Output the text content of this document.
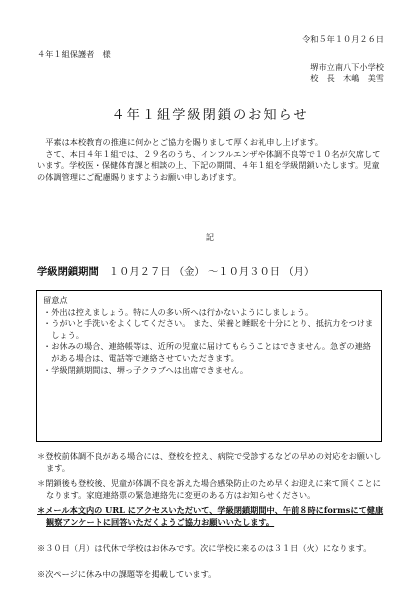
令和５年１０月２６日
４年１組保護者　様
堺市立南八下小学校
校　長　木嶋　美雪
４年１組学級閉鎖のお知らせ

平素は本校教育の推進に何かとご協力を賜りまして厚くお礼申し上げます。

さて、本日４年１組では、２９名のうち、インフルエンザや体調不良等で１０名が欠席しています。学校医・保健体育課と相談の上、下記の期間、４年１組を学級閉鎖いたします。児童の体調管理にご配慮賜りますようお願い申しあげます。

記
学級閉鎖期間 １０月２７日 （金） ～１０月３０日 （月）

留意点

・外出は控えましょう。特に人の多い所へは行かないようにしましょう。

・うがいと手洗いをよくしてください。 また、栄養と睡眠を十分にとり、抵抗力をつけましょう。

・お休みの場合、連絡帳等は、近所の児童に届けてもらうことはできません。急ぎの連絡がある場合は、電話等で連絡させていただきます。

・学級閉鎖期間は、堺っ子クラブへは出席できません。

＊登校前体調不良がある場合には、登校を控え、病院で受診するなどの早めの対応をお願いします。

＊閉鎖後も登校後、児童が体調不良を訴えた場合感染防止のため早くお迎えに来て頂くことになります。家庭連絡票の緊急連絡先に変更のある方はお知らせください。

＊メール本文内の URL にアクセスいただいて、学級閉鎖期間中、午前８時にformsにて健康観察アンケートに回答いただくようご協力お願いいたします。

※３０日（月）は代休で学校はお休みです。次に学校に来るのは３１日（火）になります。
※次ページに休み中の課題等を掲載しています。
